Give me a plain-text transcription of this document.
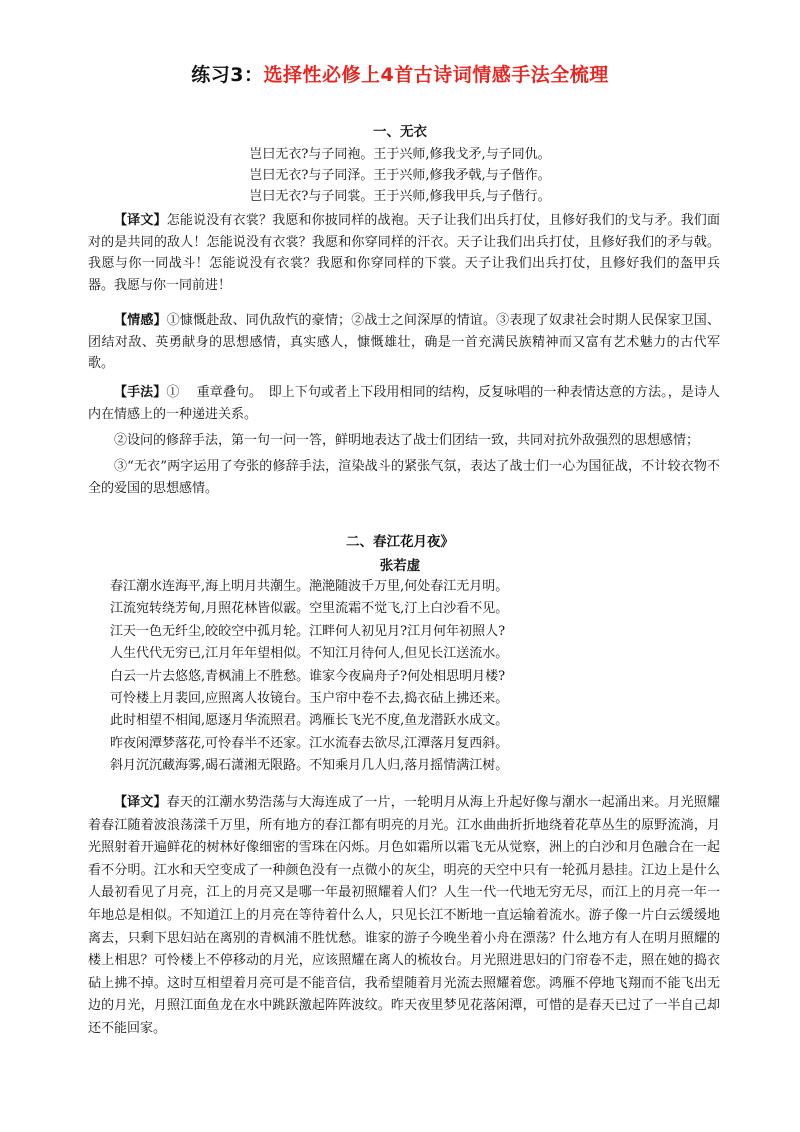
练习3：选择性必修上4首古诗词情感手法全梳理
一、无衣
岂曰无衣?与子同袍。王于兴师,修我戈矛,与子同仇。
岂曰无衣?与子同泽。王于兴师,修我矛戟,与子偕作。
岂曰无衣?与子同裳。王于兴师,修我甲兵,与子偕行。
【译文】怎能说没有衣裳？我愿和你披同样的战袍。天子让我们出兵打仗，且修好我们的戈与矛。我们面对的是共同的敌人！怎能说没有衣裳？我愿和你穿同样的汗衣。天子让我们出兵打仗，且修好我们的矛与戟。我愿与你一同战斗！怎能说没有衣裳？我愿和你穿同样的下裳。天子让我们出兵打仗，且修好我们的盔甲兵器。我愿与你一同前进！
【情感】①慷慨赴敌、同仇敌忾的豪情；②战士之间深厚的情谊。③表现了奴隶社会时期人民保家卫国、团结对敌、英勇献身的思想感情，真实感人，慷慨雄壮，确是一首充满民族精神而又富有艺术魅力的古代军歌。
【手法】①　 重章叠句。　即上下句或者上下段用相同的结构，反复咏唱的一种表情达意的方法。，是诗人内在情感上的一种递进关系。
②设问的修辞手法，第一句一问一答，鲜明地表达了战士们团结一致，共同对抗外敌强烈的思想感情；
③“无衣”两字运用了夸张的修辞手法，渲染战斗的紧张气氛，表达了战士们一心为国征战，不计较衣物不全的爱国的思想感情。
二、春江花月夜》
张若虚
春江潮水连海平,海上明月共潮生。滟滟随波千万里,何处春江无月明。
江流宛转绕芳甸,月照花林皆似霰。空里流霜不觉飞,汀上白沙看不见。
江天一色无纤尘,皎皎空中孤月轮。江畔何人初见月?江月何年初照人?
人生代代无穷已,江月年年望相似。不知江月待何人,但见长江送流水。
白云一片去悠悠,青枫浦上不胜愁。谁家今夜扁舟子?何处相思明月楼?
可怜楼上月裴回,应照离人妆镜台。玉户帘中卷不去,捣衣砧上拂还来。
此时相望不相闻,愿逐月华流照君。鸿雁长飞光不度,鱼龙潜跃水成文。
昨夜闲潭梦落花,可怜春半不还家。江水流春去欲尽,江潭落月复西斜。
斜月沉沉藏海雾,碣石潇湘无限路。不知乘月几人归,落月摇情满江树。
【译文】春天的江潮水势浩荡与大海连成了一片，一轮明月从海上升起好像与潮水一起涌出来。月光照耀着春江随着波浪荡漾千万里，所有地方的春江都有明亮的月光。江水曲曲折折地绕着花草丛生的原野流淌，月光照射着开遍鲜花的树林好像细密的雪珠在闪烁。月色如霜所以霜飞无从觉察，洲上的白沙和月色融合在一起看不分明。江水和天空变成了一种颜色没有一点微小的灰尘，明亮的天空中只有一轮孤月悬挂。江边上是什么人最初看见了月亮，江上的月亮又是哪一年最初照耀着人们？人生一代一代地无穷无尽，而江上的月亮一年一年地总是相似。不知道江上的月亮在等待着什么人，只见长江不断地一直运输着流水。游子像一片白云缓缓地离去，只剩下思妇站在离别的青枫浦不胜忧愁。谁家的游子今晚坐着小舟在漂荡？什么地方有人在明月照耀的楼上相思？可怜楼上不停移动的月光，应该照耀在离人的梳妆台。月光照进思妇的门帘卷不走，照在她的捣衣砧上拂不掉。这时互相望着月亮可是不能音信，我希望随着月光流去照耀着您。鸿雁不停地飞翔而不能飞出无边的月光，月照江面鱼龙在水中跳跃激起阵阵波纹。昨天夜里梦见花落闲潭，可惜的是春天已过了一半自己却还不能回家。
